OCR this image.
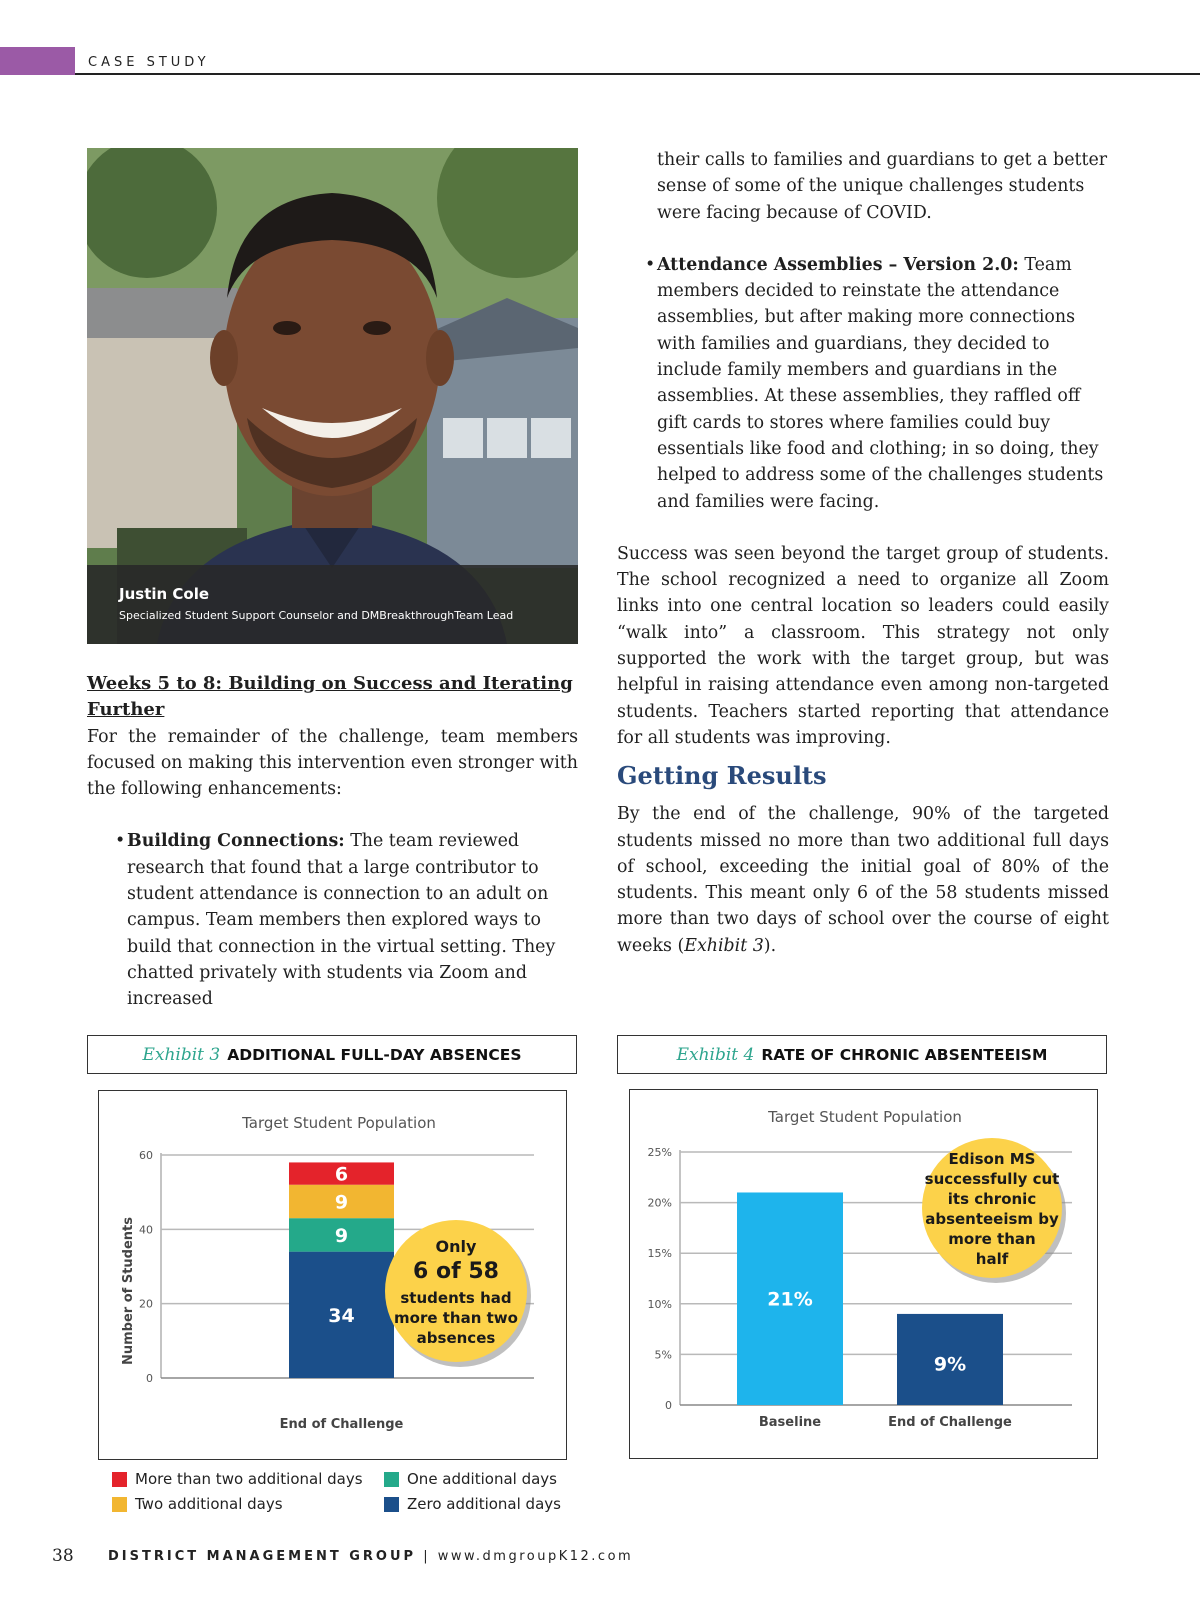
CASE STUDY
Justin Cole
Specialized Student Support Counselor and DMBreakthroughTeam Lead
Weeks 5 to 8: Building on Success and Iterating Further

For the remainder of the challenge, team members focused on making this intervention even stronger with the following enhancements:

• Building Connections: The team reviewed research that found that a large contributor to student attendance is connection to an adult on campus. Team members then explored ways to build that connection in the virtual setting. They chatted privately with students via Zoom and increased
their calls to families and guardians to get a better sense of some of the unique challenges students were facing because of COVID.
• Attendance Assemblies – Version 2.0: Team members decided to reinstate the attendance assemblies, but after making more connections with families and guardians, they decided to include family members and guardians in the assemblies. At these assemblies, they raffled off gift cards to stores where families could buy essentials like food and clothing; in so doing, they helped to address some of the challenges students and families were facing.

Success was seen beyond the target group of students. The school recognized a need to organize all Zoom links into one central location so leaders could easily “walk into” a classroom. This strategy not only supported the work with the target group, but was helpful in raising attendance even among non-targeted students. Teachers started reporting that attendance for all students was improving.

Getting Results

By the end of the challenge, 90% of the targeted students missed no more than two additional full days of school, exceeding the initial goal of 80% of the students. This meant only 6 of the 58 students missed more than two days of school over the course of eight weeks (Exhibit 3).

Exhibit 3 ADDITIONAL FULL-DAY ABSENCES	Exhibit 4 RATE OF CHRONIC ABSENTEEISM
Target Student Population
Number of Students
0
20
40
60
34
9
9
6
End of Challenge
Only
6 of 58
students had
more than two
absences
More than two additional days	One additional days
Two additional days	Zero additional days
Target Student Population
0
5%
10%
15%
20%
25%
21%
Baseline
9%
End of Challenge
Edison MS
successfully cut
its chronic
absenteeism by
more than
half
38	DISTRICT MANAGEMENT GROUP | www.dmgroupK12.com
